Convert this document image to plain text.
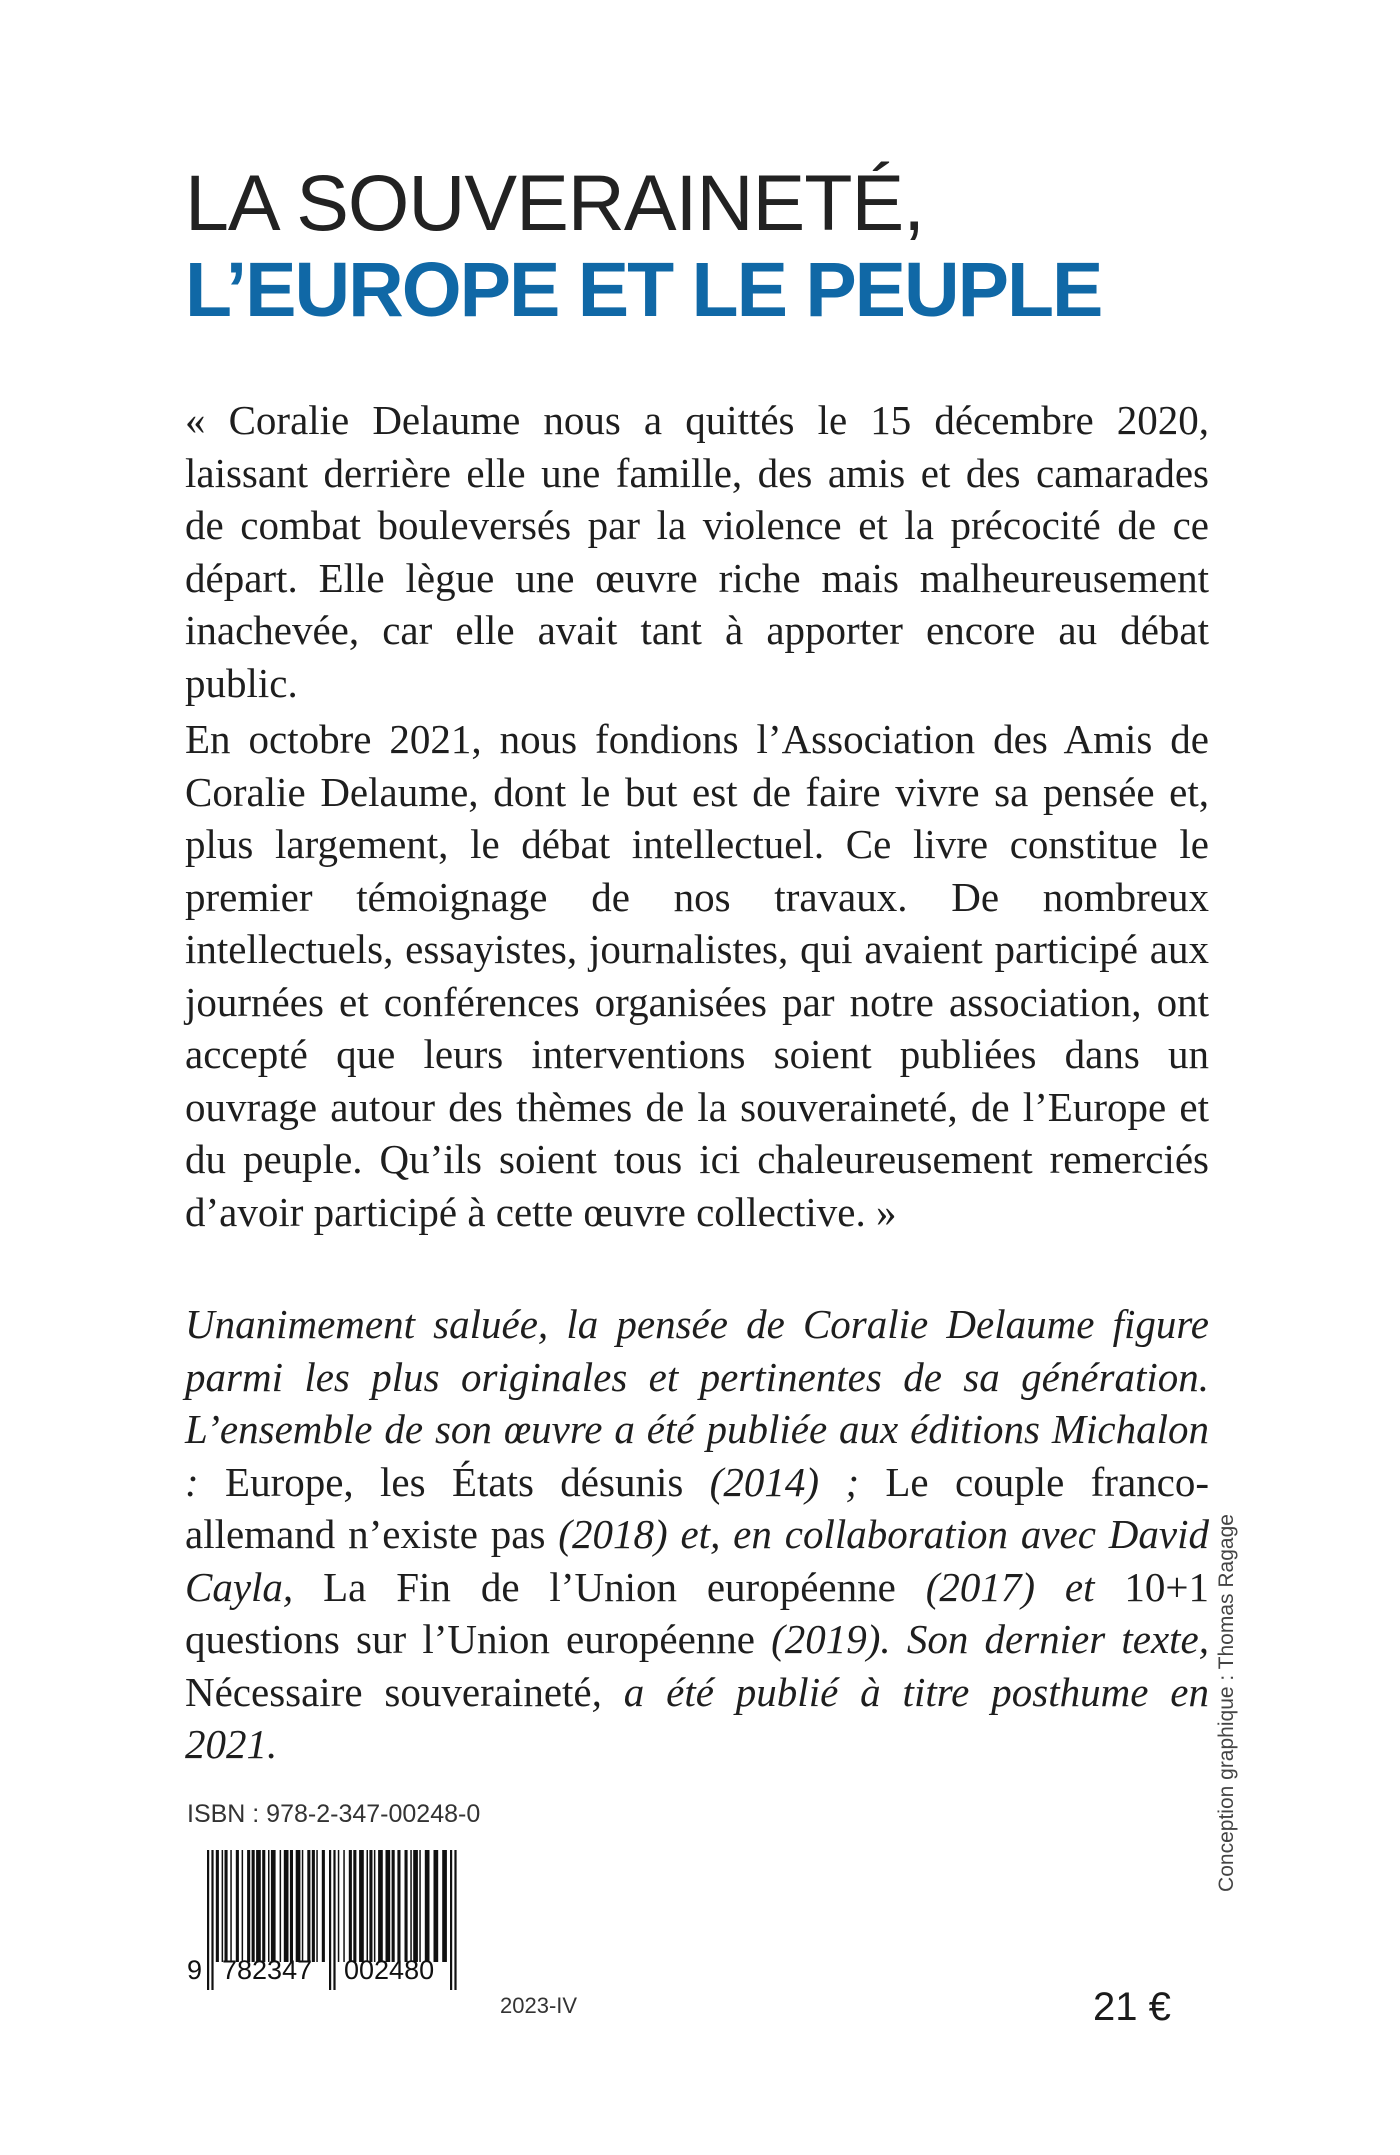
LA SOUVERAINETÉ,
L’EUROPE ET LE PEUPLE

« Coralie Delaume nous a quittés le 15 décembre 2020, laissant derrière elle une famille, des amis et des camarades de combat bouleversés par la violence et la précocité de ce départ. Elle lègue une œuvre riche mais malheureusement inachevée, car elle avait tant à apporter encore au débat public.

En octobre 2021, nous fondions l’Association des Amis de Coralie Delaume, dont le but est de faire vivre sa pensée et, plus largement, le débat intellectuel. Ce livre constitue le premier témoignage de nos travaux. De nombreux intellectuels, essayistes, journalistes, qui avaient participé aux journées et conférences organisées par notre association, ont accepté que leurs interventions soient publiées dans un ouvrage autour des thèmes de la souveraineté, de l’Europe et du peuple. Qu’ils soient tous ici chaleureusement remerciés d’avoir participé à cette œuvre collective. »

Unanimement saluée, la pensée de Coralie Delaume figure parmi les plus originales et pertinentes de sa génération. L’ensemble de son œuvre a été publiée aux éditions Michalon : Europe, les États désunis (2014) ; Le couple franco-allemand n’existe pas (2018) et, en collaboration avec David Cayla, La Fin de l’Union européenne (2017) et 10+1 questions sur l’Union européenne (2019). Son dernier texte, Nécessaire souveraineté, a été publié à titre posthume en 2021.

ISBN : 978-2-347-00248-0
9 782347 002480
2023-IV	21 €
Conception graphique : Thomas Ragage
